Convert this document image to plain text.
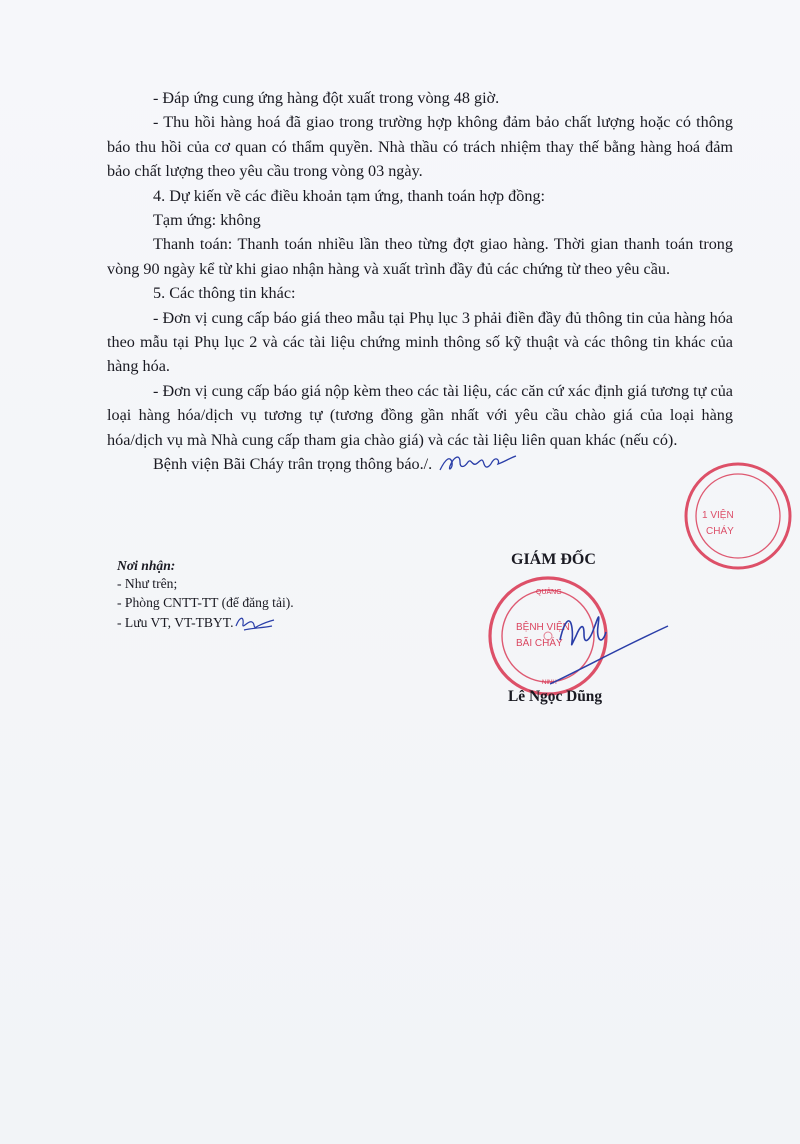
- Đáp ứng cung ứng hàng đột xuất trong vòng 48 giờ.

- Thu hồi hàng hoá đã giao trong trường hợp không đảm bảo chất lượng hoặc có thông báo thu hồi của cơ quan có thẩm quyền. Nhà thầu có trách nhiệm thay thế bằng hàng hoá đảm bảo chất lượng theo yêu cầu trong vòng 03 ngày.

4. Dự kiến về các điều khoản tạm ứng, thanh toán hợp đồng:

Tạm ứng: không

Thanh toán: Thanh toán nhiều lần theo từng đợt giao hàng. Thời gian thanh toán trong vòng 90 ngày kể từ khi giao nhận hàng và xuất trình đầy đủ các chứng từ theo yêu cầu.

5. Các thông tin khác:

- Đơn vị cung cấp báo giá theo mẫu tại Phụ lục 3 phải điền đầy đủ thông tin của hàng hóa theo mẫu tại Phụ lục 2 và các tài liệu chứng minh thông số kỹ thuật và các thông tin khác của hàng hóa.

- Đơn vị cung cấp báo giá nộp kèm theo các tài liệu, các căn cứ xác định giá tương tự của loại hàng hóa/dịch vụ tương tự (tương đồng gần nhất với yêu cầu chào giá của loại hàng hóa/dịch vụ mà Nhà cung cấp tham gia chào giá) và các tài liệu liên quan khác (nếu có).

Bệnh viện Bãi Cháy trân trọng thông báo./.
1 VIỆN
CHÁY
Nơi nhận:
- Như trên;
- Phòng CNTT-TT (để đăng tải).
- Lưu VT, VT-TBYT.
GIÁM ĐỐC
QUẢNG
NINH
BỆNH VIỆN
BÃI CHÁY
Lê Ngọc Dũng
